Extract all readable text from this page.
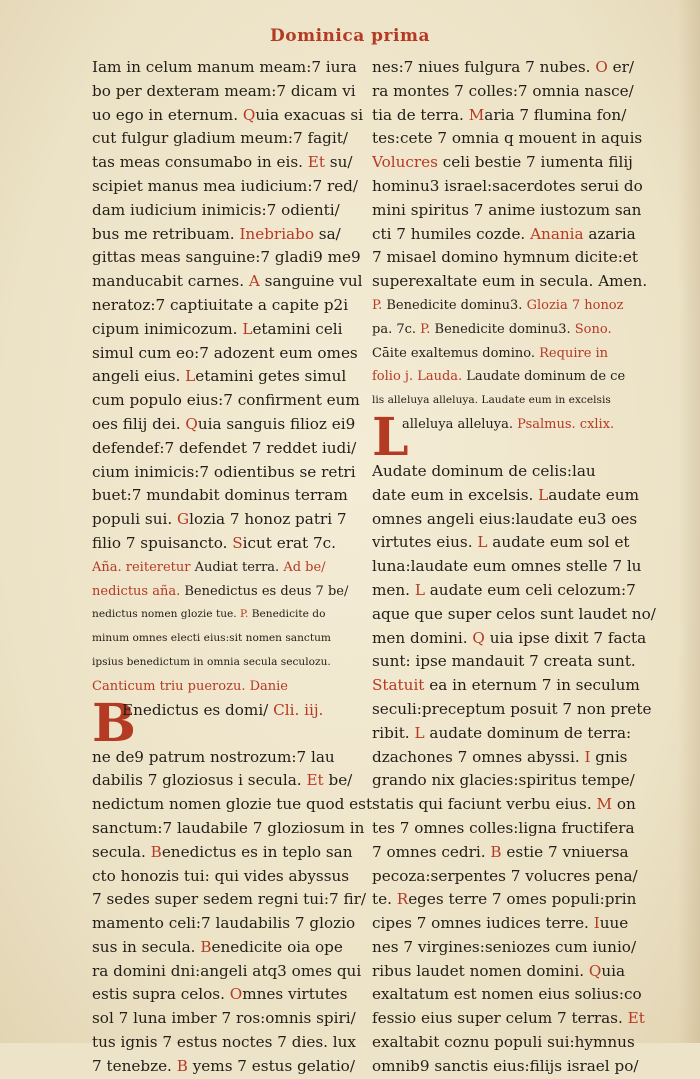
Dominica prima
Iam in celum manum meam:7 iura
bo per dexteram meam:7 dicam vi
uo ego in eternum. Quia exacuas si
cut fulgur gladium meum:7 fagit/
tas meas consumabo in eis. Et su/
scipiet manus mea iudicium:7 red/
dam iudicium inimicis:7 odienti/
bus me retribuam. Inebriabo sa/
gittas meas sanguine:7 gladi9 me9
manducabit carnes. A sanguine vul
neratoz:7 captiuitate a capite p2i
cipum inimicozum. Letamini celi
simul cum eo:7 adozent eum omes
angeli eius. Letamini getes simul
cum populo eius:7 confirment eum
oes filij dei. Quia sanguis filioz ei9
defendef:7 defendet 7 reddet iudi/
cium inimicis:7 odientibus se retri
buet:7 mundabit dominus terram
populi sui. Glozia 7 honoz patri 7
filio 7 spuisancto. Sicut erat 7c.
Aña. reiteretur Audiat terra. Ad be/
nedictus aña. Benedictus es deus 7 be/
nedictus nomen glozie tue. P. Benedicite do
minum omnes electi eius:sit nomen sanctum
ipsius benedictum in omnia secula seculozu.
Canticum triu puerozu. Danie
B
Enedictus es domi/ Cli. iij.
ne de9 patrum nostrozum:7 lau
dabilis 7 gloziosus i secula. Et be/
nedictum nomen glozie tue quod est
sanctum:7 laudabile 7 gloziosum in
secula. Benedictus es in teplo san
cto honozis tui: qui vides abyssus
7 sedes super sedem regni tui:7 fir/
mamento celi:7 laudabilis 7 glozio
sus in secula. Benedicite oia ope
ra domini dni:angeli atq3 omes qui
estis supra celos. Omnes virtutes
sol 7 luna imber 7 ros:omnis spiri/
tus ignis 7 estus noctes 7 dies. lux
7 tenebze. B yems 7 estus gelatio/
nes:7 niues fulgura 7 nubes. O er/
ra montes 7 colles:7 omnia nasce/
tia de terra. Maria 7 flumina fon/
tes:cete 7 omnia q mouent in aquis
Volucres celi bestie 7 iumenta filij
hominu3 israel:sacerdotes serui do
mini spiritus 7 anime iustozum san
cti 7 humiles cozde. Anania azaria
7 misael domino hymnum dicite:et
superexaltate eum in secula. Amen.
P. Benedicite dominu3. Glozia 7 honoz
pa. 7c. P. Benedicite dominu3. Sono.
Cāite exaltemus domino. Require in
folio j. Lauda. Laudate dominum de ce
lis alleluya alleluya. Laudate eum in excelsis
L
alleluya alleluya. Psalmus. cxlix.
Audate dominum de celis:lau
date eum in excelsis. Laudate eum
omnes angeli eius:laudate eu3 oes
virtutes eius. L audate eum sol et
luna:laudate eum omnes stelle 7 lu
men. L audate eum celi celozum:7
aque que super celos sunt laudet no/
men domini. Q uia ipse dixit 7 facta
sunt: ipse mandauit 7 creata sunt.
Statuit ea in eternum 7 in seculum
seculi:preceptum posuit 7 non prete
ribit. L audate dominum de terra:
dzachones 7 omnes abyssi. I gnis
grando nix glacies:spiritus tempe/
statis qui faciunt verbu eius. M on
tes 7 omnes colles:ligna fructifera
7 omnes cedri. B estie 7 vniuersa
pecoza:serpentes 7 volucres pena/
te. Reges terre 7 omes populi:prin
cipes 7 omnes iudices terre. Iuue
nes 7 virgines:seniozes cum iunio/
ribus laudet nomen domini. Quia
exaltatum est nomen eius solius:co
fessio eius super celum 7 terras. Et
exaltabit coznu populi sui:hymnus
omnib9 sanctis eius:filijs israel po/
